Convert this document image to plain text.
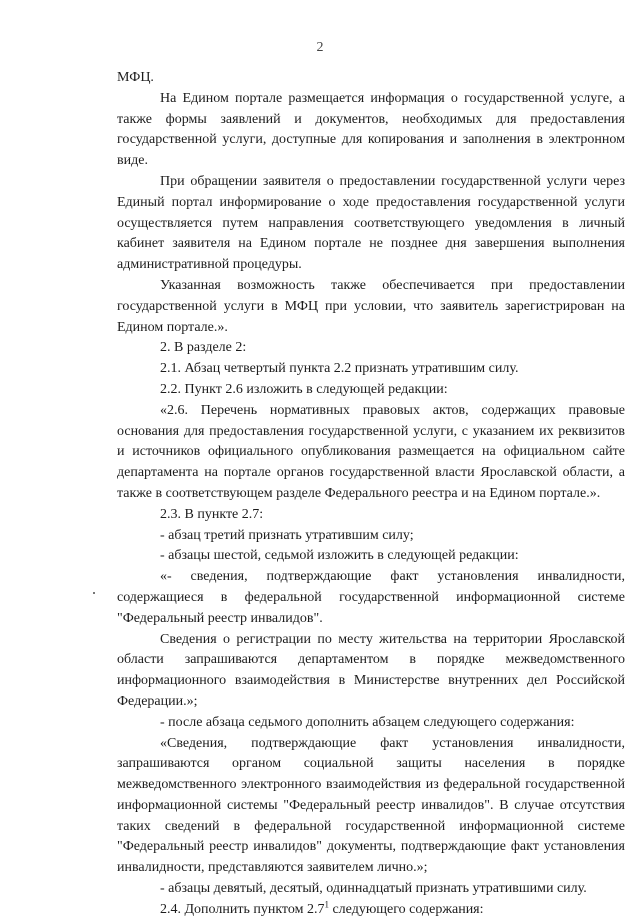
2

МФЦ.

На Едином портале размещается информация о государственной услуге, а также формы заявлений и документов, необходимых для предоставления государственной услуги, доступные для копирования и заполнения в электронном виде.

При обращении заявителя о предоставлении государственной услуги через Единый портал информирование о ходе предоставления государственной услуги осуществляется путем направления соответствующего уведомления в личный кабинет заявителя на Едином портале не позднее дня завершения выполнения административной процедуры.

Указанная возможность также обеспечивается при предоставлении государственной услуги в МФЦ при условии, что заявитель зарегистрирован на Едином портале.».

2. В разделе 2:

2.1. Абзац четвертый пункта 2.2 признать утратившим силу.

2.2. Пункт 2.6 изложить в следующей редакции:

«2.6. Перечень нормативных правовых актов, содержащих правовые основания для предоставления государственной услуги, с указанием их реквизитов и источников официального опубликования размещается на официальном сайте департамента на портале органов государственной власти Ярославской области, а также в соответствующем разделе Федерального реестра и на Едином портале.».

2.3. В пункте 2.7:

- абзац третий признать утратившим силу;

- абзацы шестой, седьмой изложить в следующей редакции:

«- сведения, подтверждающие факт установления инвалидности, содержащиеся в федеральной государственной информационной системе "Федеральный реестр инвалидов".

Сведения о регистрации по месту жительства на территории Ярославской области запрашиваются департаментом в порядке межведомственного информационного взаимодействия в Министерстве внутренних дел Российской Федерации.»;

- после абзаца седьмого дополнить абзацем следующего содержания:

«Сведения, подтверждающие факт установления инвалидности, запрашиваются органом социальной защиты населения в порядке межведомственного электронного взаимодействия из федеральной государственной информационной системы "Федеральный реестр инвалидов". В случае отсутствия таких сведений в федеральной государственной информационной системе "Федеральный реестр инвалидов" документы, подтверждающие факт установления инвалидности, представляются заявителем лично.»;

- абзацы девятый, десятый, одиннадцатый признать утратившими силу.

2.4. Дополнить пунктом $2.7^1$ следующего содержания:
